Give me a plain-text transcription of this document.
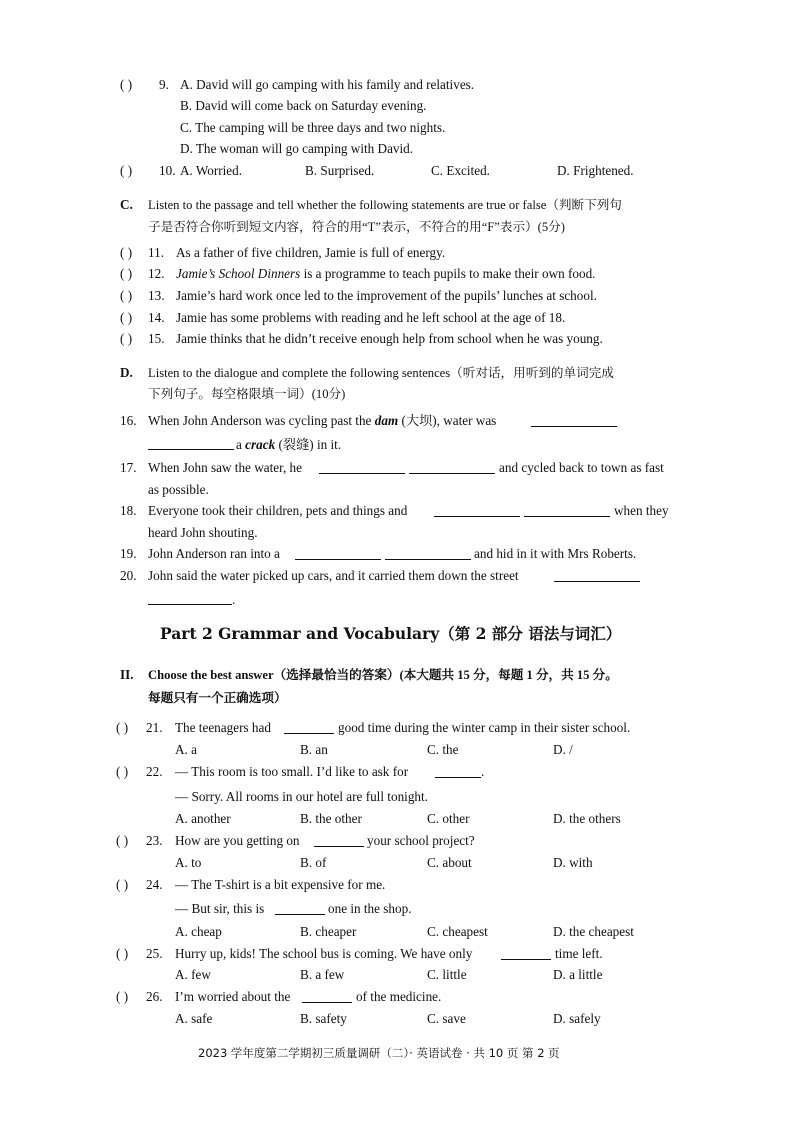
( ) 9. A. David will go camping with his family and relatives.
B. David will come back on Saturday evening.
C. The camping will be three days and two nights.
D. The woman will go camping with David.
( ) 10. A. Worried.	B. Surprised.	C. Excited.	D. Frightened.
C. Listen to the passage and tell whether the following statements are true or false（判断下列句
子是否符合你听到短文内容，符合的用“T”表示，不符合的用“F”表示）(5分)
( ) 11. As a father of five children, Jamie is full of energy.
( ) 12. Jamie’s School Dinners is a programme to teach pupils to make their own food.
( ) 13. Jamie’s hard work once led to the improvement of the pupils’ lunches at school.
( ) 14. Jamie has some problems with reading and he left school at the age of 18.
( ) 15. Jamie thinks that he didn’t receive enough help from school when he was young.
D. Listen to the dialogue and complete the following sentences（听对话，用听到的单词完成
下列句子。每空格限填一词）(10分)
16. When John Anderson was cycling past the dam (大坝), water was
a crack (裂缝) in it.
17. When John saw the water, he	and cycled back to town as fast
as possible.
18. Everyone took their children, pets and things and	when they
heard John shouting.
19. John Anderson ran into a	and hid in it with Mrs Roberts.
20. John said the water picked up cars, and it carried them down the street
.
Part 2 Grammar and Vocabulary（第 2 部分 语法与词汇）
II. Choose the best answer（选择最恰当的答案）(本大题共 15 分，每题 1 分，共 15 分。
每题只有一个正确选项）
( ) 21. The teenagers had	good time during the winter camp in their sister school.
A. a	B. an	C. the	D. /
( ) 22. — This room is too small. I’d like to ask for	.
— Sorry. All rooms in our hotel are full tonight.
A. another	B. the other	C. other	D. the others
( ) 23. How are you getting on	your school project?
A. to	B. of	C. about	D. with
( ) 24. — The T-shirt is a bit expensive for me.
— But sir, this is	one in the shop.
A. cheap	B. cheaper	C. cheapest	D. the cheapest
( ) 25. Hurry up, kids! The school bus is coming. We have only	time left.
A. few	B. a few	C. little	D. a little
( ) 26. I’m worried about the	of the medicine.
A. safe	B. safety	C. save	D. safely
2023 学年度第二学期初三质量调研（二）· 英语试卷 · 共 10 页 第 2 页
